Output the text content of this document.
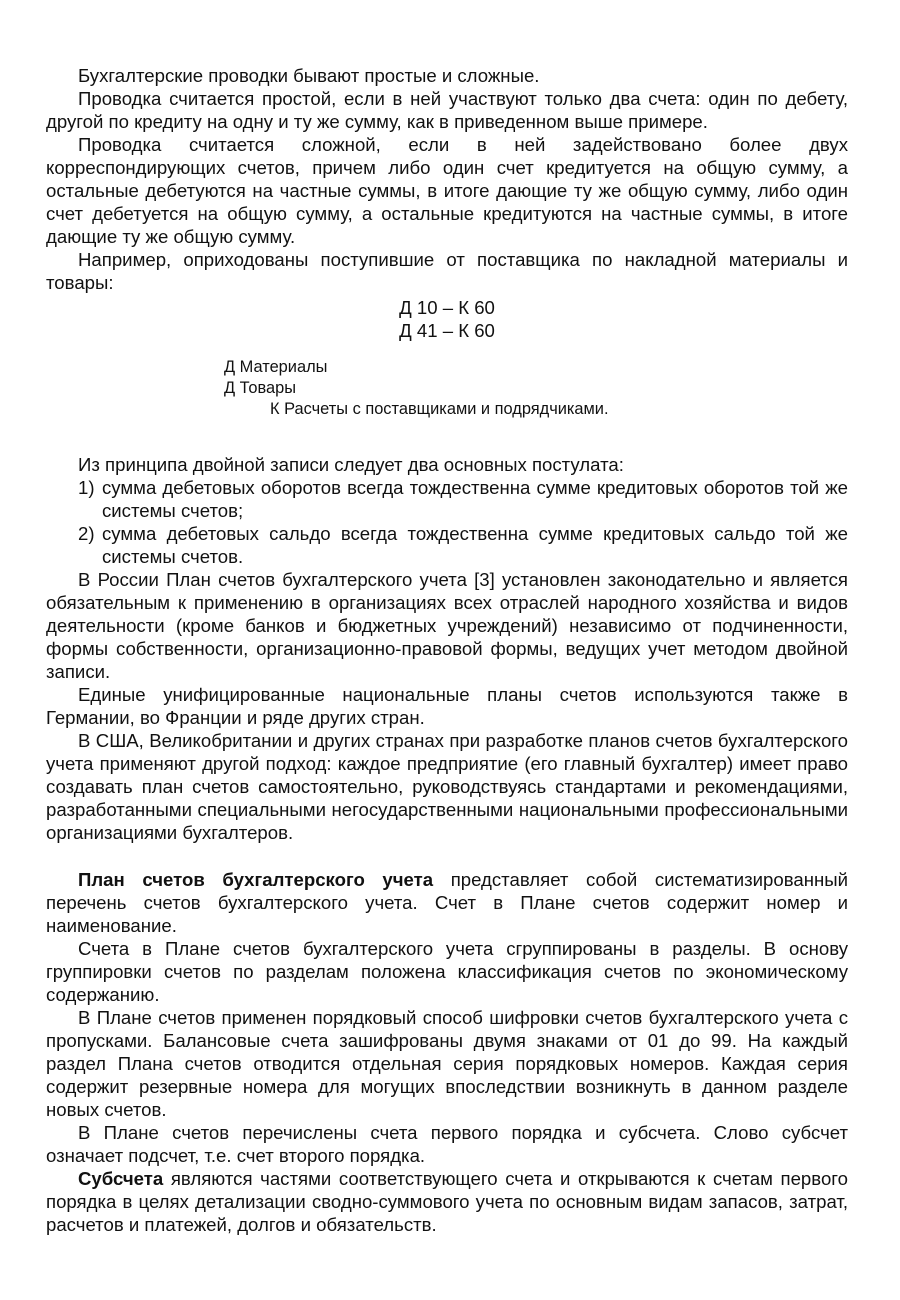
Бухгалтерские проводки бывают простые и сложные.

Проводка считается простой, если в ней участвуют только два счета: один по дебету, другой по кредиту на одну и ту же сумму, как в приведенном выше примере.

Проводка считается сложной, если в ней задействовано более двух корреспондирующих счетов, причем либо один счет кредитуется на общую сумму, а остальные дебетуются на частные суммы, в итоге дающие ту же общую сумму, либо один счет дебетуется на общую сумму, а остальные кредитуются на частные суммы, в итоге дающие ту же общую сумму.

Например, оприходованы поступившие от поставщика по накладной материалы и товары:

Д 10 – К 60

Д 41 – К 60

Д Материалы
Д Товары
К Расчеты с поставщиками и подрядчиками.

Из принципа двойной записи следует два основных постулата:

1) сумма дебетовых оборотов всегда тождественна сумме кредитовых оборотов той же системы счетов;
2) сумма дебетовых сальдо всегда тождественна сумме кредитовых сальдо той же системы счетов.

В России План счетов бухгалтерского учета [3] установлен законодательно и является обязательным к применению в организациях всех отраслей народного хозяйства и видов деятельности (кроме банков и бюджетных учреждений) независимо от подчиненности, формы собственности, организационно-правовой формы, ведущих учет методом двойной записи.

Единые унифицированные национальные планы счетов используются также в Германии, во Франции и ряде других стран.

В США, Великобритании и других странах при разработке планов счетов бухгалтерского учета применяют другой подход: каждое предприятие (его главный бухгалтер) имеет право создавать план счетов самостоятельно, руководствуясь стандартами и рекомендациями, разработанными специальными негосударственными национальными профессиональными организациями бухгалтеров.

План счетов бухгалтерского учета представляет собой систематизированный перечень счетов бухгалтерского учета. Счет в Плане счетов содержит номер и наименование.

Счета в Плане счетов бухгалтерского учета сгруппированы в разделы. В основу группировки счетов по разделам положена классификация счетов по экономическому содержанию.

В Плане счетов применен порядковый способ шифровки счетов бухгалтерского учета с пропусками. Балансовые счета зашифрованы двумя знаками от 01 до 99. На каждый раздел Плана счетов отводится отдельная серия порядковых номеров. Каждая серия содержит резервные номера для могущих впоследствии возникнуть в данном разделе новых счетов.

В Плане счетов перечислены счета первого порядка и субсчета. Слово субсчет означает подсчет, т.е. счет второго порядка.

Субсчета являются частями соответствующего счета и открываются к счетам первого порядка в целях детализации сводно-суммового учета по основным видам запасов, затрат, расчетов и платежей, долгов и обязательств.
